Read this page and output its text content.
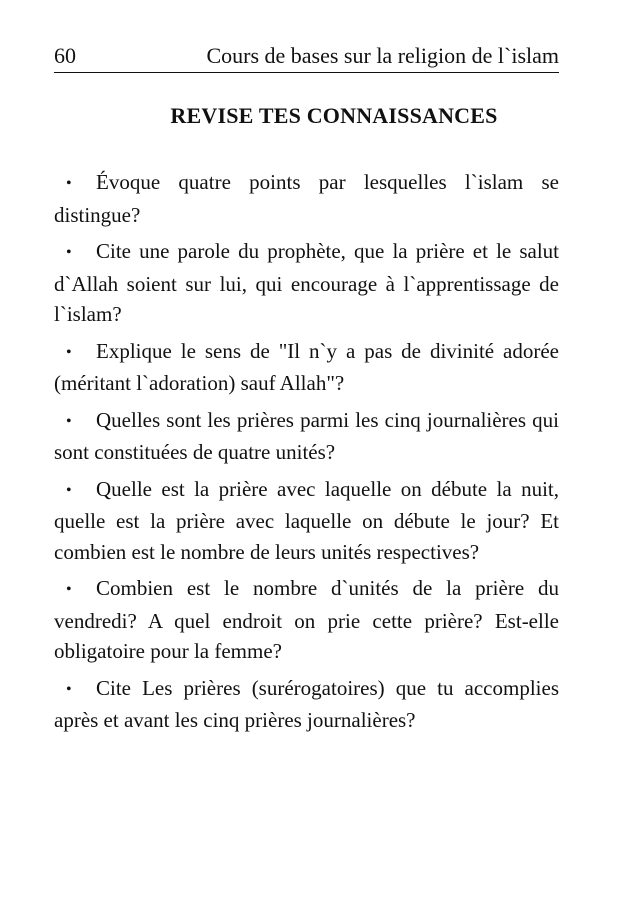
60	Cours de bases sur la religion de l`islam
REVISE TES CONNAISSANCES
• Évoque quatre points par lesquelles l`islam se distingue?
• Cite une parole du prophète, que la prière et le salut d`Allah soient sur lui, qui encourage à l`apprentissage de l`islam?
• Explique le sens de "Il n`y a pas de divinité adorée (méritant l`adoration) sauf Allah"?
• Quelles sont les prières parmi les cinq journalières qui sont constituées de quatre unités?
• Quelle est la prière avec laquelle on débute la nuit, quelle est la prière avec laquelle on débute le jour? Et combien est le nombre de leurs unités respectives?
• Combien est le nombre d`unités de la prière du vendredi? A quel endroit on prie cette prière? Est-elle obligatoire pour la femme?
• Cite Les prières (surérogatoires) que tu accomplies après et avant les cinq prières journalières?
